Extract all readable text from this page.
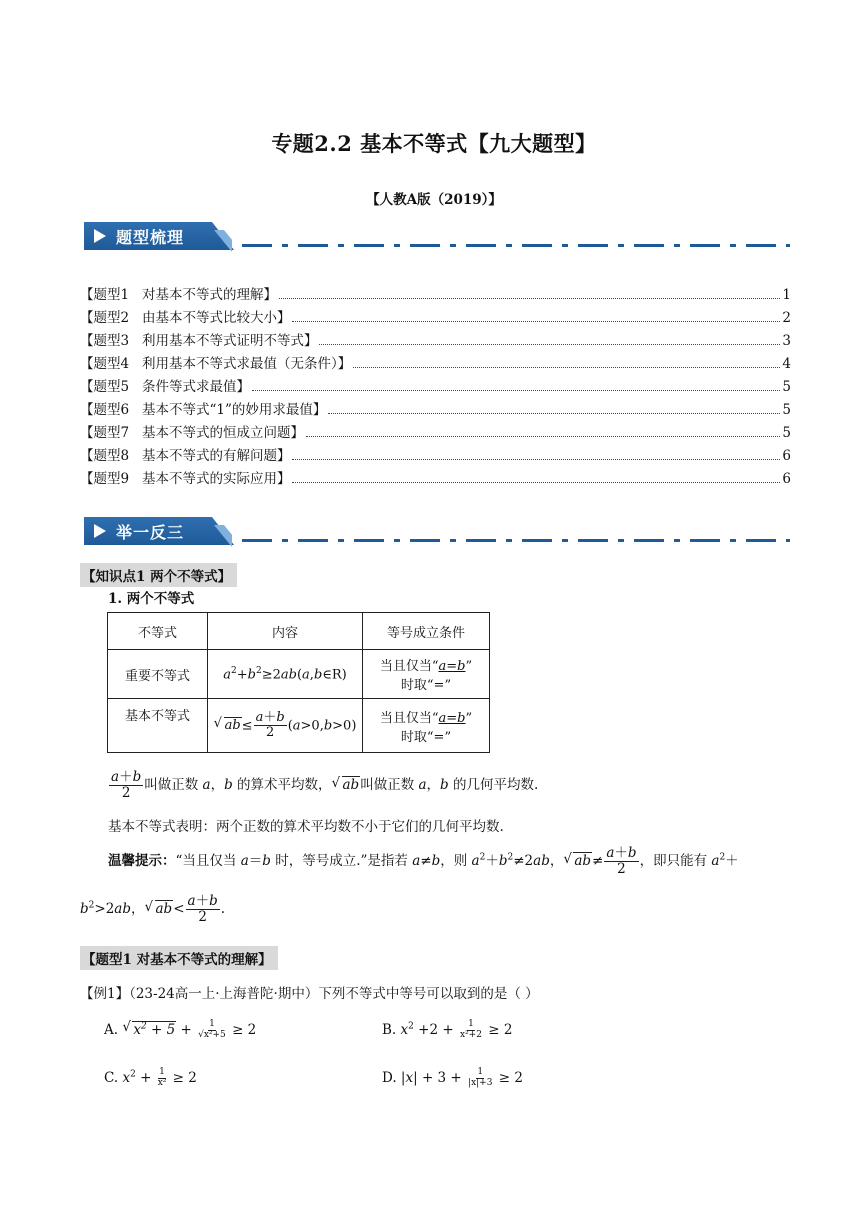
专题2.2 基本不等式【九大题型】
【人教A版（2019）】
题型梳理
【题型1   对基本不等式的理解】	1
【题型2   由基本不等式比较大小】	2
【题型3   利用基本不等式证明不等式】	3
【题型4   利用基本不等式求最值（无条件）】	4
【题型5   条件等式求最值】	5
【题型6   基本不等式“1”的妙用求最值】	5
【题型7   基本不等式的恒成立问题】	5
【题型8   基本不等式的有解问题】	6
【题型9   基本不等式的实际应用】	6
举一反三
【知识点1 两个不等式】
1. 两个不等式
不等式	内容	等号成立条件
重要不等式	$a^2+b^2\ge 2ab(a,b\in R)$	当且仅当“a=b”
时取“=”
基本不等式	√ $ab\le \frac{a+b}{2} (a>0,b>0)$	当且仅当“a=b”
时取“=”
$\frac{a+b}{2}$ 叫做正数 a，b 的算术平均数， √ ab叫做正数 a，b 的几何平均数.
基本不等式表明：两个正数的算术平均数不小于它们的几何平均数.
温馨提示：“当且仅当 a＝b 时，等号成立.”是指若 a≠b，则 $a^2+b^2\ne 2ab$， √ $ab\ne \frac{a+b}{2}$ ，即只能有 $a^2+$
$b^2>2ab$， √ $ab< \frac{a+b}{2}$ .
【题型1 对基本不等式的理解】
【例1】（23-24高一上·上海普陀·期中）下列不等式中等号可以取到的是（ ）
A. √ $x^2 + 5 + \frac{1}{\text{√x²+5}} \ge 2$	B. $x^2 +2 + \frac{1}{\text{x²+2}} \ge 2$
C. $x^2 + \frac{1}{\text{x²}} \ge 2$	D. $|x| + 3 + \frac{1}{|x|+3} \ge 2$
